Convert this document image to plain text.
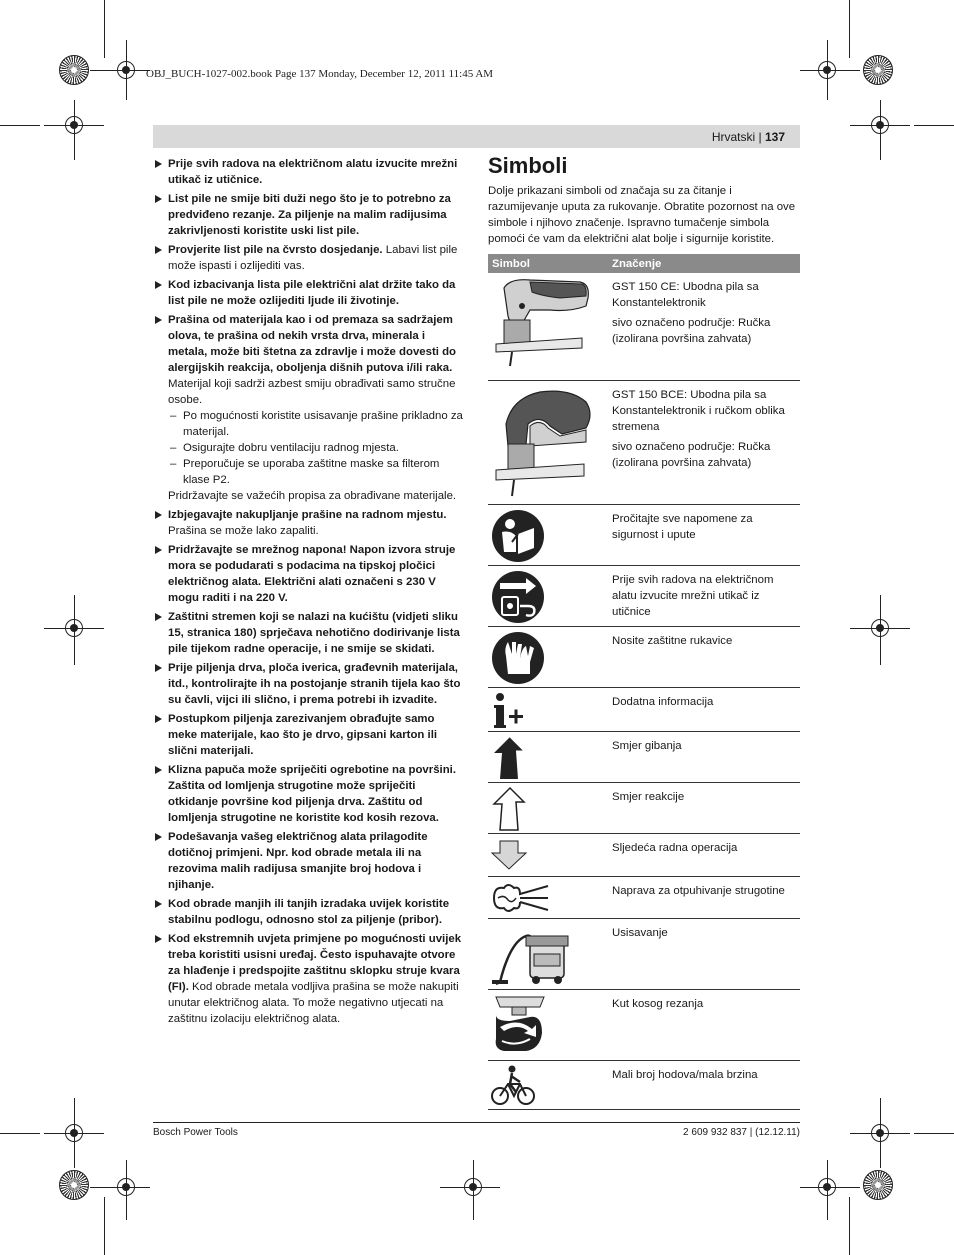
OBJ_BUCH-1027-002.book Page 137 Monday, December 12, 2011 11:45 AM
Hrvatski | 137
Prije svih radova na električnom alatu izvucite mrežni utikač iz utičnice.
List pile ne smije biti duži nego što je to potrebno za predviđeno rezanje. Za piljenje na malim radijusima zakrivljenosti koristite uski list pile.
Provjerite list pile na čvrsto dosjedanje. Labavi list pile može ispasti i ozlijediti vas.
Kod izbacivanja lista pile električni alat držite tako da list pile ne može ozlijediti ljude ili životinje.
Prašina od materijala kao i od premaza sa sadržajem olova, te prašina od nekih vrsta drva, minerala i metala, može biti štetna za zdravlje i može dovesti do alergijskih reakcija, oboljenja dišnih putova i/ili raka.
Materijal koji sadrži azbest smiju obrađivati samo stručne osobe.
– Po mogućnosti koristite usisavanje prašine prikladno za materijal.
– Osigurajte dobru ventilaciju radnog mjesta.
– Preporučuje se uporaba zaštitne maske sa filterom klase P2.
Pridržavajte se važećih propisa za obrađivane materijale.
Izbjegavajte nakupljanje prašine na radnom mjestu. Prašina se može lako zapaliti.
Pridržavajte se mrežnog napona! Napon izvora struje mora se podudarati s podacima na tipskoj pločici električnog alata. Električni alati označeni s 230 V mogu raditi i na 220 V.
Zaštitni stremen koji se nalazi na kućištu (vidjeti sliku 15, stranica 180) sprječava nehotično dodirivanje lista pile tijekom radne operacije, i ne smije se skidati.
Prije piljenja drva, ploča iverica, građevnih materijala, itd., kontrolirajte ih na postojanje stranih tijela kao što su čavli, vijci ili slično, i prema potrebi ih izvadite.
Postupkom piljenja zarezivanjem obrađujte samo meke materijale, kao što je drvo, gipsani karton ili slični materijali.
Klizna papuča može spriječiti ogrebotine na površini. Zaštita od lomljenja strugotine može spriječiti otkidanje površine kod piljenja drva. Zaštitu od lomljenja strugotine ne koristite kod kosih rezova.
Podešavanja vašeg električnog alata prilagodite dotičnoj primjeni. Npr. kod obrade metala ili na rezovima malih radijusa smanjite broj hodova i njihanje.
Kod obrade manjih ili tanjih izradaka uvijek koristite stabilnu podlogu, odnosno stol za piljenje (pribor).
Kod ekstremnih uvjeta primjene po mogućnosti uvijek treba koristiti usisni uređaj. Često ispuhavajte otvore za hlađenje i predspojite zaštitnu sklopku struje kvara (FI). Kod obrade metala vodljiva prašina se može nakupiti unutar električnog alata. To može negativno utjecati na zaštitnu izolaciju električnog alata.
Simboli
Dolje prikazani simboli od značaja su za čitanje i razumijevanje uputa za rukovanje. Obratite pozornost na ove simbole i njihovo značenje. Ispravno tumačenje simbola pomoći će vam da električni alat bolje i sigurnije koristite.
Simbol	Značenje

GST 150 CE: Ubodna pila sa Konstantelektronik

sivo označeno područje: Ručka (izolirana površina zahvata)

GST 150 BCE: Ubodna pila sa Konstantelektronik i ručkom oblika stremena

sivo označeno područje: Ručka (izolirana površina zahvata)

Pročitajte sve napomene za sigurnost i upute

Prije svih radova na električnom alatu izvucite mrežni utikač iz utičnice

Nosite zaštitne rukavice

Dodatna informacija

Smjer gibanja

Smjer reakcije

Sljedeća radna operacija

Naprava za otpuhivanje strugotine

Usisavanje

Kut kosog rezanja

Mali broj hodova/mala brzina

Bosch Power Tools	2 609 932 837 | (12.12.11)
